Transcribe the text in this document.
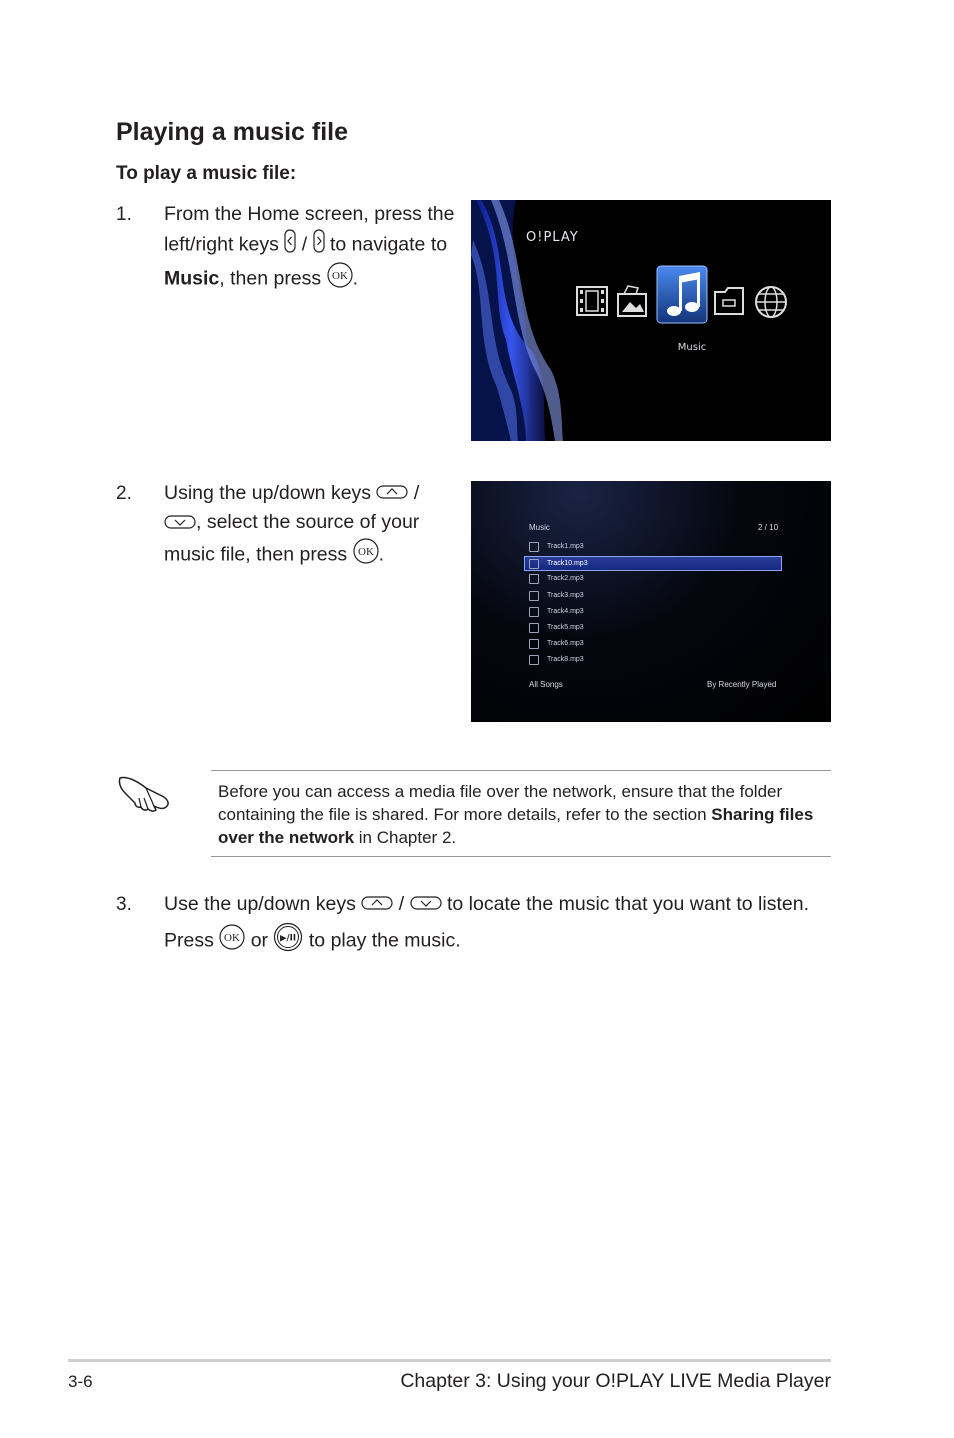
Playing a music file
To play a music file:
1. From the Home screen, press the
left/right keys / to navigate to
Music, then press OK .
O!PLAY
Music
2. Using the up/down keys /
, select the source of your
music file, then press OK .
Music	2 / 10
Track1.mp3
Track10.mp3
Track2.mp3
Track3.mp3
Track4.mp3
Track5.mp3
Track6.mp3
Track8.mp3
All Songs	By Recently Played
Before you can access a media file over the network, ensure that the folder containing the file is shared. For more details, refer to the section Sharing files over the network in Chapter 2.
3. Use the up/down keys / to locate the music that you want to listen.
Press OK or ▶/II to play the music.
3-6	Chapter 3: Using your O!PLAY LIVE Media Player
